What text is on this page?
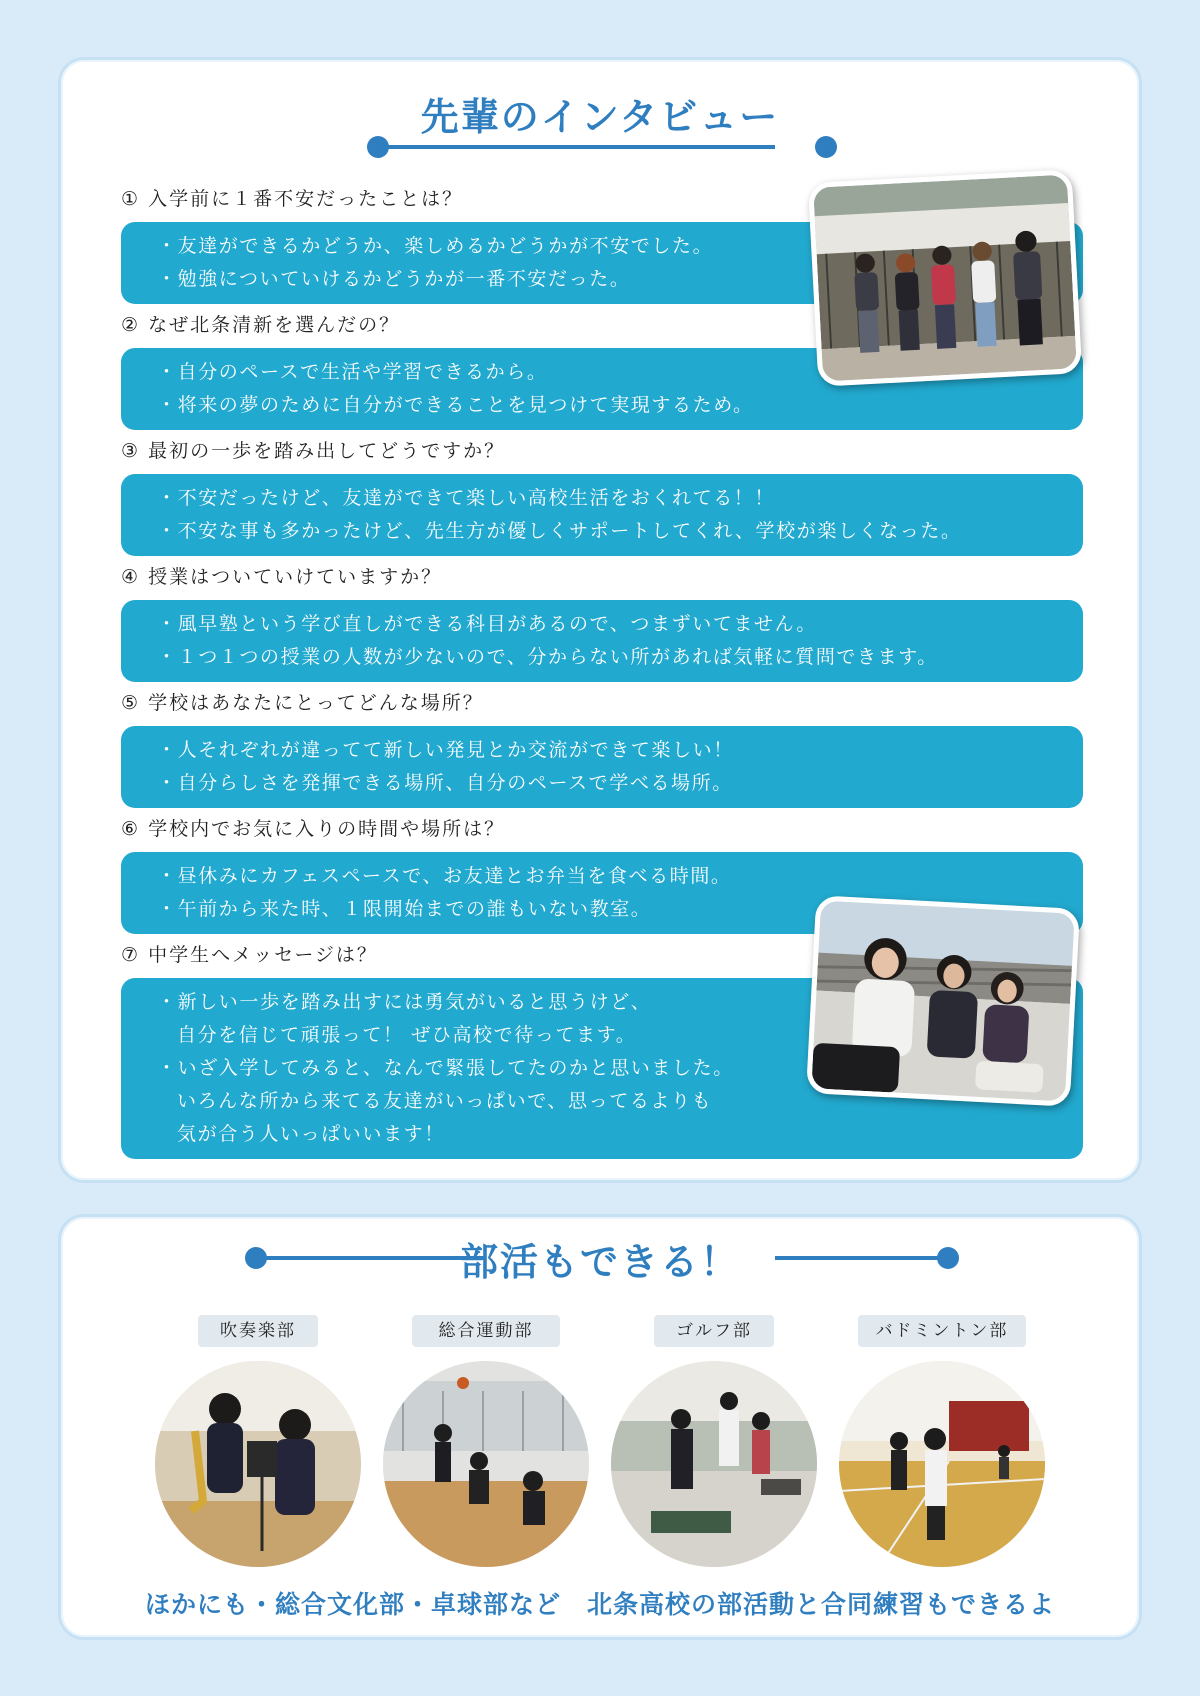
先輩のインタビュー
① 入学前に１番不安だったことは？
・友達ができるかどうか、楽しめるかどうかが不安でした。
・勉強についていけるかどうかが一番不安だった。
② なぜ北条清新を選んだの？
・自分のペースで生活や学習できるから。
・将来の夢のために自分ができることを見つけて実現するため。
③ 最初の一歩を踏み出してどうですか？
・不安だったけど、友達ができて楽しい高校生活をおくれてる！！
・不安な事も多かったけど、先生方が優しくサポートしてくれ、学校が楽しくなった。
④ 授業はついていけていますか？
・風早塾という学び直しができる科目があるので、つまずいてません。
・１つ１つの授業の人数が少ないので、分からない所があれば気軽に質問できます。
⑤ 学校はあなたにとってどんな場所？
・人それぞれが違ってて新しい発見とか交流ができて楽しい！
・自分らしさを発揮できる場所、自分のペースで学べる場所。
⑥ 学校内でお気に入りの時間や場所は？
・昼休みにカフェスペースで、お友達とお弁当を食べる時間。
・午前から来た時、１限開始までの誰もいない教室。
⑦ 中学生へメッセージは？
・新しい一歩を踏み出すには勇気がいると思うけど、
自分を信じて頑張って！ ぜひ高校で待ってます。
・いざ入学してみると、なんで緊張してたのかと思いました。
いろんな所から来てる友達がいっぱいで、思ってるよりも
気が合う人いっぱいいます！
部活もできる！
吹奏楽部	総合運動部	ゴルフ部	バドミントン部
ほかにも・総合文化部・卓球部など　北条高校の部活動と合同練習もできるよ
